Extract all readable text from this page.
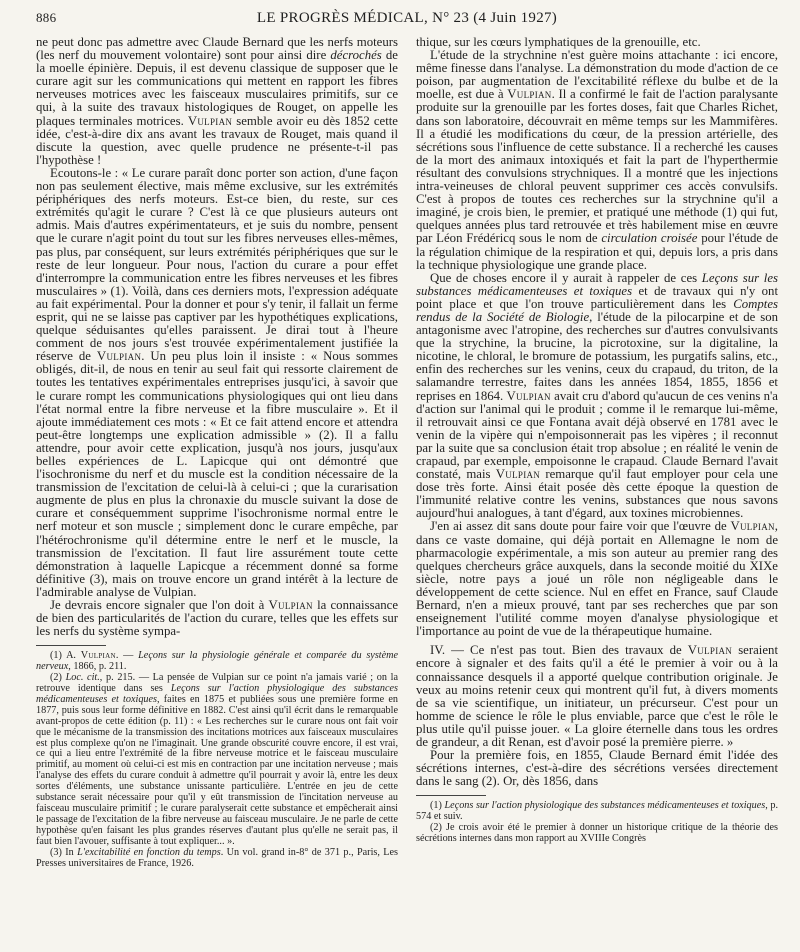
886	LE PROGRÈS MÉDICAL, N° 23 (4 Juin 1927)

ne peut donc pas admettre avec Claude Bernard que les nerfs moteurs (les nerf du mouvement volontaire) sont pour ainsi dire décrochés de la moelle épinière. Depuis, il est devenu classique de supposer que le curare agit sur les communications qui mettent en rapport les fibres nerveuses motrices avec les faisceaux musculaires primitifs, sur ce qui, à la suite des travaux histologiques de Rouget, on appelle les plaques terminales motrices. Vulpian semble avoir eu dès 1852 cette idée, c'est-à-dire dix ans avant les travaux de Rouget, mais quand il discute la question, avec quelle prudence ne présente-t-il pas l'hypothèse !

Ecoutons-le : « Le curare paraît donc porter son action, d'une façon non pas seulement élective, mais même exclusive, sur les extrémités périphériques des nerfs moteurs. Est-ce bien, du reste, sur ces extrémités qu'agit le curare ? C'est là ce que plusieurs auteurs ont admis. Mais d'autres expérimentateurs, et je suis du nombre, pensent que le curare n'agit point du tout sur les fibres nerveuses elles-mêmes, pas plus, par conséquent, sur leurs extrémités périphériques que sur le reste de leur longueur. Pour nous, l'action du curare a pour effet d'interrompre la communication entre les fibres nerveuses et les fibres musculaires » (1). Voilà, dans ces derniers mots, l'expression adéquate au fait expérimental. Pour la donner et pour s'y tenir, il fallait un ferme esprit, qui ne se laisse pas captiver par les hypothétiques explications, quelque séduisantes qu'elles paraissent. Je dirai tout à l'heure comment de nos jours s'est trouvée expérimentalement justifiée la réserve de Vulpian. Un peu plus loin il insiste : « Nous sommes obligés, dit-il, de nous en tenir au seul fait qui ressorte clairement de toutes les tentatives expérimentales entreprises jusqu'ici, à savoir que le curare rompt les communications physiologiques qui ont lieu dans l'état normal entre la fibre nerveuse et la fibre musculaire ». Et il ajoute immédiatement ces mots : « Et ce fait attend encore et attendra peut-être longtemps une explication admissible » (2). Il a fallu attendre, pour avoir cette explication, jusqu'à nos jours, jusqu'aux belles expériences de L. Lapicque qui ont démontré que l'isochronisme du nerf et du muscle est la condition nécessaire de la transmission de l'excitation de celui-là à celui-ci ; que la curarisation augmente de plus en plus la chronaxie du muscle suivant la dose de curare et conséquemment supprime l'isochronisme normal entre le nerf moteur et son muscle ; simplement donc le curare empêche, par l'hétérochronisme qu'il détermine entre le nerf et le muscle, la transmission de l'excitation. Il faut lire assurément toute cette démonstration à laquelle Lapicque a récemment donné sa forme définitive (3), mais on trouve encore un grand intérêt à la lecture de l'admirable analyse de Vulpian.

Je devrais encore signaler que l'on doit à Vulpian la connaissance de bien des particularités de l'action du curare, telles que les effets sur les nerfs du système sympa-

(1) A. Vulpian. — Leçons sur la physiologie générale et comparée du système nerveux, 1866, p. 211.

(2) Loc. cit., p. 215. — La pensée de Vulpian sur ce point n'a jamais varié ; on la retrouve identique dans ses Leçons sur l'action physiologique des substances médicamenteuses et toxiques, faites en 1875 et publiées sous une première forme en 1877, puis sous leur forme définitive en 1882. C'est ainsi qu'il écrit dans le remarquable avant-propos de cette édition (p. 11) : « Les recherches sur le curare nous ont fait voir que le mécanisme de la transmission des incitations motrices aux faisceaux musculaires est plus complexe qu'on ne l'imaginait. Une grande obscurité couvre encore, il est vrai, ce qui a lieu entre l'extrémité de la fibre nerveuse motrice et le faisceau musculaire primitif, au moment où celui-ci est mis en contraction par une incitation nerveuse ; mais l'analyse des effets du curare conduit à admettre qu'il pourrait y avoir là, entre les deux sortes d'éléments, une substance unissante particulière. L'entrée en jeu de cette substance serait nécessaire pour qu'il y eût transmission de l'incitation nerveuse au faisceau musculaire primitif ; le curare paralyserait cette substance et empêcherait ainsi le passage de l'excitation de la fibre nerveuse au faisceau musculaire. Je ne parle de cette hypothèse qu'en faisant les plus grandes réserves d'autant plus qu'elle ne serait pas, il faut bien l'avouer, suffisante à tout expliquer... ».

(3) In L'excitabilité en fonction du temps. Un vol. grand in-8° de 371 p., Paris, Les Presses universitaires de France, 1926.

thique, sur les cœurs lymphatiques de la grenouille, etc.

L'étude de la strychnine n'est guère moins attachante : ici encore, même finesse dans l'analyse. La démonstration du mode d'action de ce poison, par augmentation de l'excitabilité réflexe du bulbe et de la moelle, est due à Vulpian. Il a confirmé le fait de l'action paralysante produite sur la grenouille par les fortes doses, fait que Charles Richet, dans son laboratoire, découvrait en même temps sur les Mammifères. Il a étudié les modifications du cœur, de la pression artérielle, des sécrétions sous l'influence de cette substance. Il a recherché les causes de la mort des animaux intoxiqués et fait la part de l'hyperthermie résultant des convulsions strychniques. Il a montré que les injections intra-veineuses de chloral peuvent supprimer ces accès convulsifs. C'est à propos de toutes ces recherches sur la strychnine qu'il a imaginé, je crois bien, le premier, et pratiqué une méthode (1) qui fut, quelques années plus tard retrouvée et très habilement mise en œuvre par Léon Frédéricq sous le nom de circulation croisée pour l'étude de la régulation chimique de la respiration et qui, depuis lors, a pris dans la technique physiologique une grande place.

Que de choses encore il y aurait à rappeler de ces Leçons sur les substances médicamenteuses et toxiques et de travaux qui n'y ont point place et que l'on trouve particulièrement dans les Comptes rendus de la Société de Biologie, l'étude de la pilocarpine et de son antagonisme avec l'atropine, des recherches sur d'autres convulsivants que la strychine, la brucine, la picrotoxine, sur la digitaline, la nicotine, le chloral, le bromure de potassium, les purgatifs salins, etc., enfin des recherches sur les venins, ceux du crapaud, du triton, de la salamandre terrestre, faites dans les années 1854, 1855, 1856 et reprises en 1864. Vulpian avait cru d'abord qu'aucun de ces venins n'a d'action sur l'animal qui le produit ; comme il le remarque lui-même, il retrouvait ainsi ce que Fontana avait déjà observé en 1781 avec le venin de la vipère qui n'empoisonnerait pas les vipères ; il reconnut par la suite que sa conclusion était trop absolue ; en réalité le venin de crapaud, par exemple, empoisonne le crapaud. Claude Bernard l'avait constaté, mais Vulpian remarque qu'il faut employer pour cela une dose très forte. Ainsi était posée dès cette époque la question de l'immunité relative contre les venins, substances que nous savons aujourd'hui analogues, à tant d'égard, aux toxines microbiennes.

J'en ai assez dit sans doute pour faire voir que l'œuvre de Vulpian, dans ce vaste domaine, qui déjà portait en Allemagne le nom de pharmacologie expérimentale, a mis son auteur au premier rang des quelques chercheurs grâce auxquels, dans la seconde moitié du XIXe siècle, notre pays a joué un rôle non négligeable dans le développement de cette science. Nul en effet en France, sauf Claude Bernard, n'en a mieux prouvé, tant par ses recherches que par son enseignement l'utilité comme moyen d'analyse physiologique et l'importance au point de vue de la thérapeutique humaine.

IV. — Ce n'est pas tout. Bien des travaux de Vulpian seraient encore à signaler et des faits qu'il a été le premier à voir ou à la connaissance desquels il a apporté quelque contribution originale. Je veux au moins retenir ceux qui montrent qu'il fut, à divers moments de sa vie scientifique, un initiateur, un précurseur. C'est pour un homme de science le rôle le plus enviable, parce que c'est le rôle le plus utile qu'il puisse jouer. « La gloire éternelle dans tous les ordres de grandeur, a dit Renan, est d'avoir posé la première pierre. »

Pour la première fois, en 1855, Claude Bernard émit l'idée des sécrétions internes, c'est-à-dire des sécrétions versées directement dans le sang (2). Or, dès 1856, dans

(1) Leçons sur l'action physiologique des substances médicamenteuses et toxiques, p. 574 et suiv.

(2) Je crois avoir été le premier à donner un historique critique de la théorie des sécrétions internes dans mon rapport au XVIIIe Congrès
